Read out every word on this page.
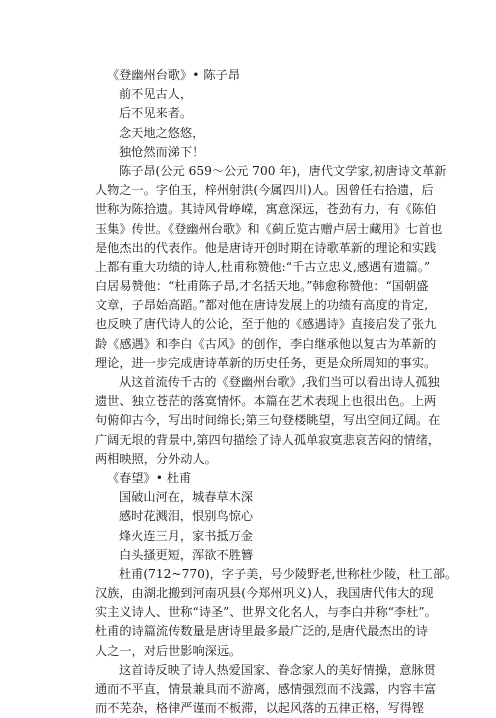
《登幽州台歌》• 陈子昂
前不见古人，
后不见来者。
念天地之悠悠，
独怆然而涕下！
陈子昂(公元 659～公元 700 年)，唐代文学家,初唐诗文革新
人物之一。字伯玉，梓州射洪(今属四川)人。因曾任右拾遗，后
世称为陈拾遗。其诗风骨峥嵘，寓意深远，苍劲有力，有《陈伯
玉集》传世。《登幽州台歌》和《蓟丘览古赠卢居士藏用》七首也
是他杰出的代表作。他是唐诗开创时期在诗歌革新的理论和实践
上都有重大功绩的诗人,杜甫称赞他:“千古立忠义,感遇有遗篇。”
白居易赞他：“杜甫陈子昂,才名括天地。”韩愈称赞他：“国朝盛
文章，子昂始高蹈。”都对他在唐诗发展上的功绩有高度的肯定,
也反映了唐代诗人的公论，至于他的《感遇诗》直接启发了张九
龄《感遇》和李白《古风》的创作，李白继承他以复古为革新的
理论，进一步完成唐诗革新的历史任务，更是众所周知的事实。
从这首流传千古的《登幽州台歌》,我们当可以看出诗人孤独
遗世、独立苍茫的落寞情怀。本篇在艺术表现上也很出色。上两
句俯仰古今，写出时间绵长;第三句登楼眺望，写出空间辽阔。在
广阔无垠的背景中,第四句描绘了诗人孤单寂寞悲哀苦闷的情绪，
两相映照，分外动人。
《春望》• 杜甫
国破山河在，城春草木深
感时花溅泪，恨别鸟惊心
烽火连三月，家书抵万金
白头搔更短，浑欲不胜簪
杜甫(712~770)，字子美，号少陵野老,世称杜少陵，杜工部。
汉族，由湖北搬到河南巩县(今郑州巩义)人，我国唐代伟大的现
实主义诗人、世称“诗圣”、世界文化名人，与李白并称“李杜”。
杜甫的诗篇流传数量是唐诗里最多最广泛的,是唐代最杰出的诗
人之一，对后世影响深远。
这首诗反映了诗人热爱国家、眷念家人的美好情操，意脉贯
通而不平直，情景兼具而不游离，感情强烈而不浅露，内容丰富
而不芜杂，格律严谨而不板滞，以起风落的五律正格，写得铿
